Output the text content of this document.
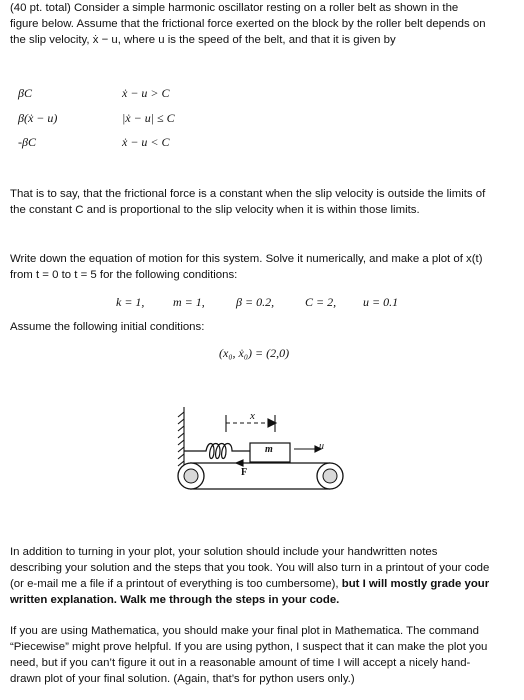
(40 pt. total) Consider a simple harmonic oscillator resting on a roller belt as shown in the
figure below. Assume that the frictional force exerted on the block by the roller belt depends on
the slip velocity, ẋ − u, where u is the speed of the belt, and that it is given by
βC	ẋ − u > C
β(ẋ − u)	|ẋ − u| ≤ C
-βC	ẋ − u < C
That is to say, that the frictional force is a constant when the slip velocity is outside the limits of
the constant C and is proportional to the slip velocity when it is within those limits.
Write down the equation of motion for this system. Solve it numerically, and make a plot of x(t)
from t = 0 to t = 5 for the following conditions:
k = 1, m = 1,	β = 0.2,	C = 2, u = 0.1
Assume the following initial conditions:
(x₀, ẋ₀) = (2,0)
x
m	u
F
In addition to turning in your plot, your solution should include your handwritten notes
describing your solution and the steps that you took. You will also turn in a printout of your code
(or e-mail me a file if a printout of everything is too cumbersome), but I will mostly grade your
written explanation. Walk me through the steps in your code.
If you are using Mathematica, you should make your final plot in Mathematica. The command
“Piecewise” might prove helpful. If you are using python, I suspect that it can make the plot you
need, but if you can’t figure it out in a reasonable amount of time I will accept a nicely hand-
drawn plot of your final solution. (Again, that’s for python users only.)
